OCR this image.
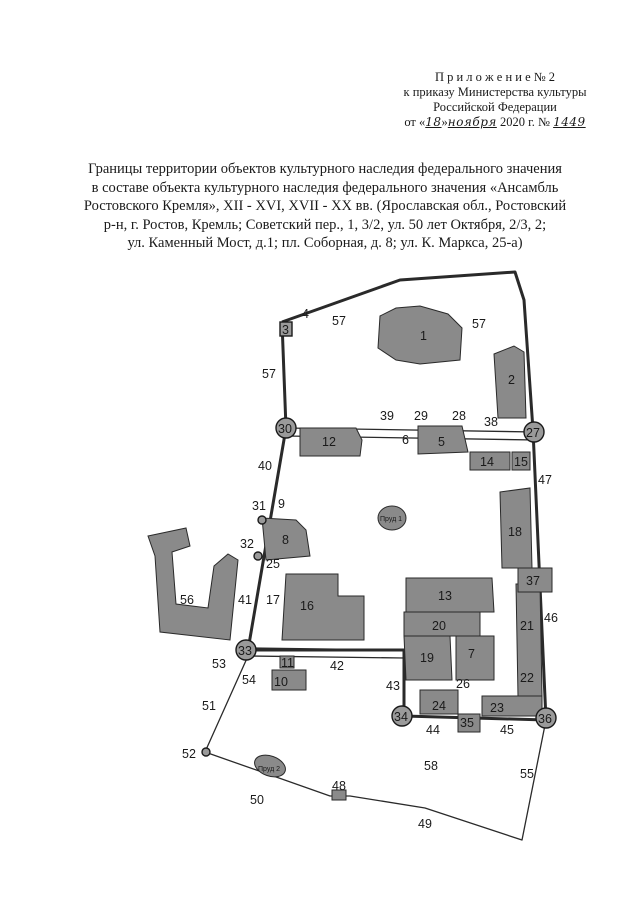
П р и л о ж е н и е № 2
к приказу Министерства культуры
Российской Федерации
от «18»ноября 2020 г. № 1449
Границы территории объектов культурного наследия федерального значения
в составе объекта культурного наследия федерального значения «Ансамбль
Ростовского Кремля», XII - XVI, XVII - XX вв. (Ярославская обл., Ростовский
р-н, г. Ростов, Кремль; Советский пер., 1, 3/2, ул. 50 лет Октября, 2/3, 2;
ул. Каменный Мост, д.1; пл. Соборная, д. 8; ул. К. Маркса, 25-а)
Пруд 1
Пруд 2
1
2
3
4
5
6
7
8
9
10
11
12
13
14 15
16
17
18
19
20	21
22
23
24
25
26
27
28
29
30
31
32
33
34	35	36
37
38
39
40
41
42
43
44	45
46
47
48
49
50
51
52
53
54
55
56
57	57
57
58
